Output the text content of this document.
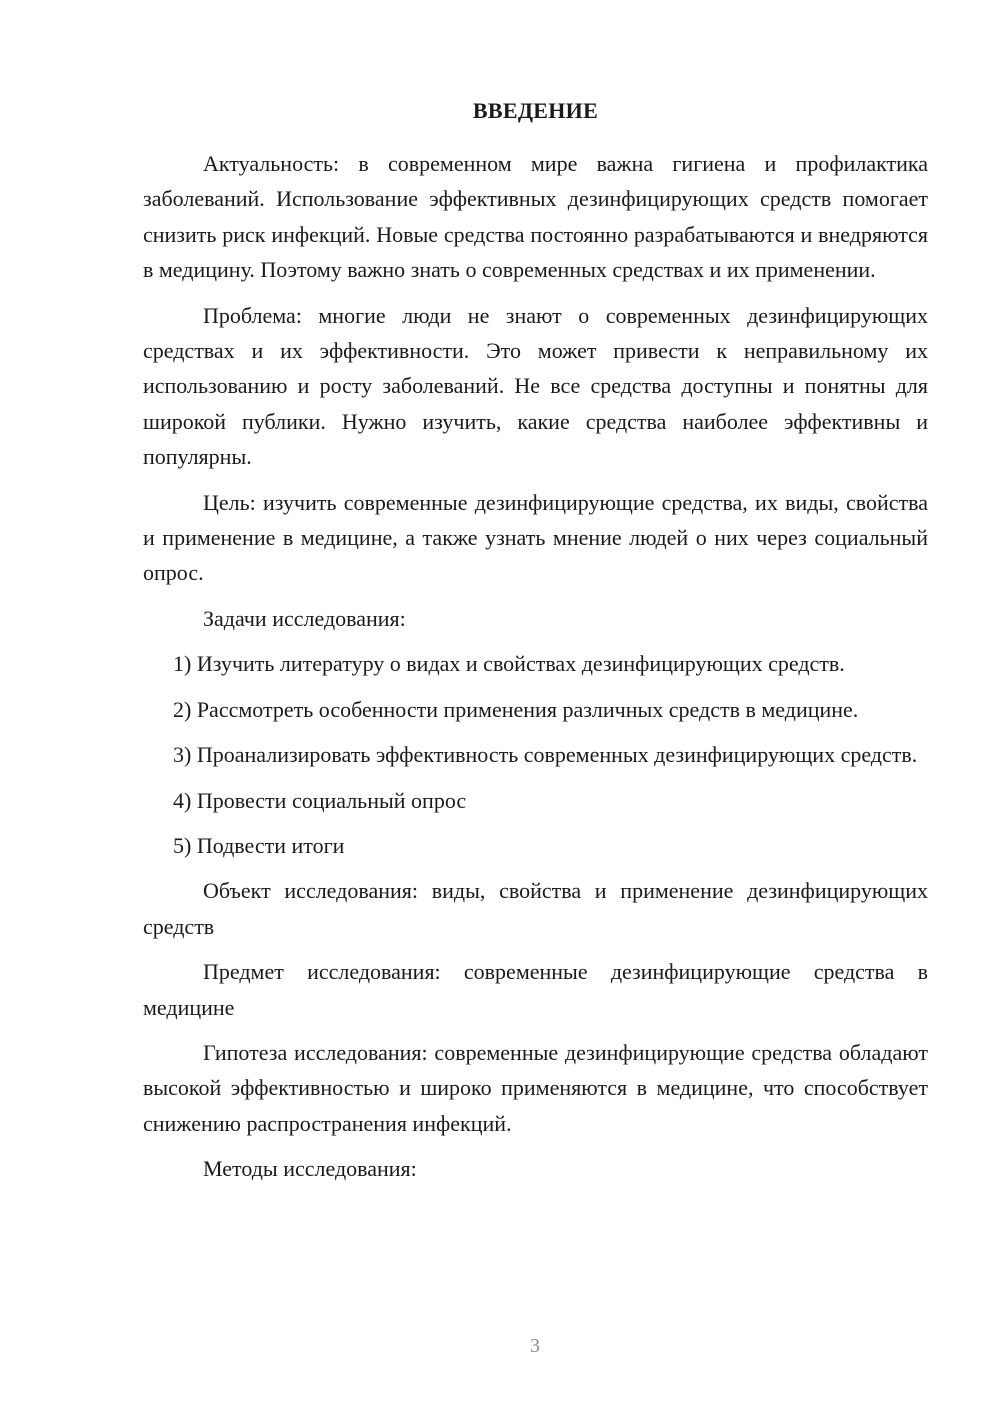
ВВЕДЕНИЕ

Актуальность: в современном мире важна гигиена и профилактика заболеваний. Использование эффективных дезинфицирующих средств помогает снизить риск инфекций. Новые средства постоянно разрабатываются и внедряются в медицину. Поэтому важно знать о современных средствах и их применении.

Проблема: многие люди не знают о современных дезинфицирующих средствах и их эффективности. Это может привести к неправильному их использованию и росту заболеваний. Не все средства доступны и понятны для широкой публики. Нужно изучить, какие средства наиболее эффективны и популярны.

Цель: изучить современные дезинфицирующие средства, их виды, свойства и применение в медицине, а также узнать мнение людей о них через социальный опрос.

Задачи исследования:

1) Изучить литературу о видах и свойствах дезинфицирующих средств.

2) Рассмотреть особенности применения различных средств в медицине.

3) Проанализировать эффективность современных дезинфицирующих средств.

4) Провести социальный опрос

5) Подвести итоги

Объект исследования: виды, свойства и применение дезинфицирующих средств

Предмет исследования: современные дезинфицирующие средства в медицине

Гипотеза исследования: современные дезинфицирующие средства обладают высокой эффективностью и широко применяются в медицине, что способствует снижению распространения инфекций.

Методы исследования:

3
